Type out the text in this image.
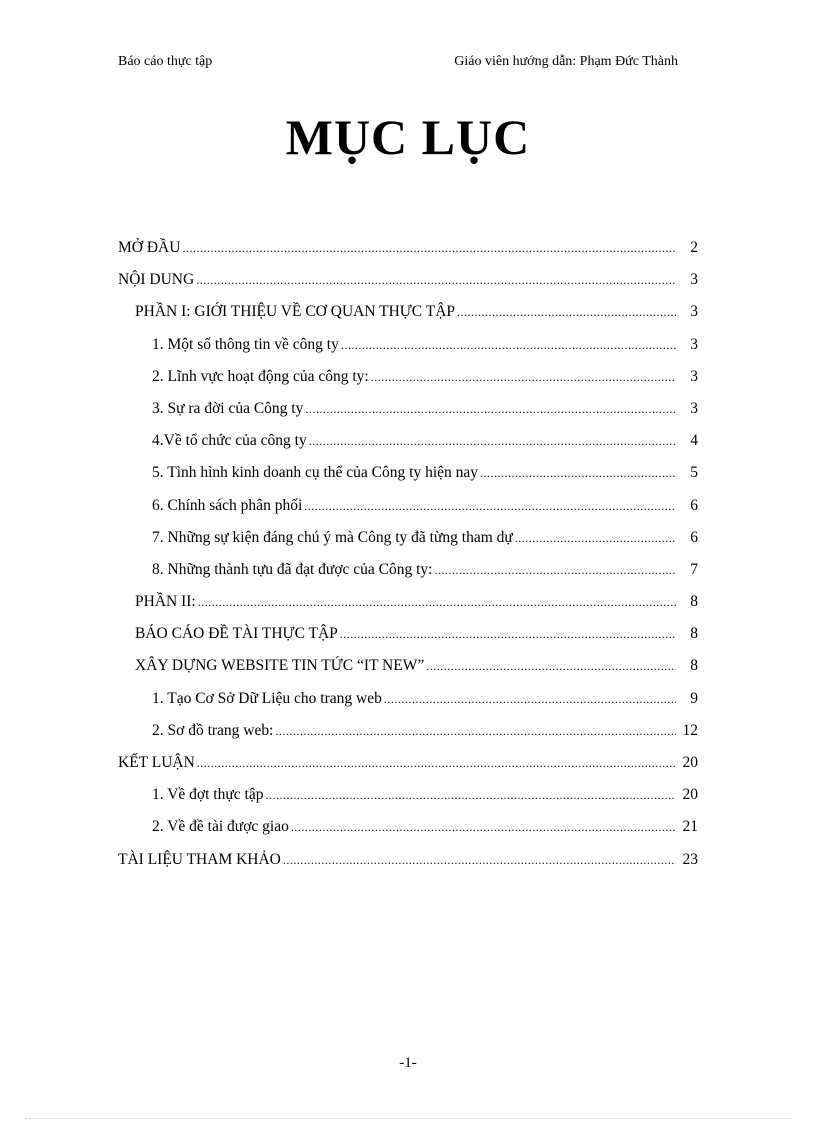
Báo cáo thực tập	Giáo viên hướng dẫn: Phạm Đức Thành
MỤC LỤC
MỞ ĐẦU .....	2
NỘI DUNG .....	3
PHẦN I: GIỚI THIỆU VỀ CƠ QUAN THỰC TẬP .....	3
1. Một số thông tin về công ty .....	3
2. Lĩnh vực hoạt động của công ty: .....	3
3. Sự ra đời của Công ty .....	3
4.Về tổ chức của công ty .....	4
5. Tình hình kinh doanh cụ thể của Công ty hiện nay .....	5
6. Chính sách phân phối .....	6
7. Những sự kiện đáng chú ý mà Công ty đã từng tham dự .....	6
8. Những thành tựu đã đạt được của Công ty: .....	7
PHẦN II: .....	8
BÁO CÁO ĐỀ TÀI THỰC TẬP .....	8
XÂY DỰNG WEBSITE TIN TỨC “IT NEW” .....	8
1. Tạo Cơ Sở Dữ Liệu cho trang web .....	9
2. Sơ đồ trang web: .....	12
KẾT LUẬN .....	20
1. Về đợt thực tập .....	20
2. Về đề tài được giao .....	21
TÀI LIỆU THAM KHẢO .....	23
-1-
